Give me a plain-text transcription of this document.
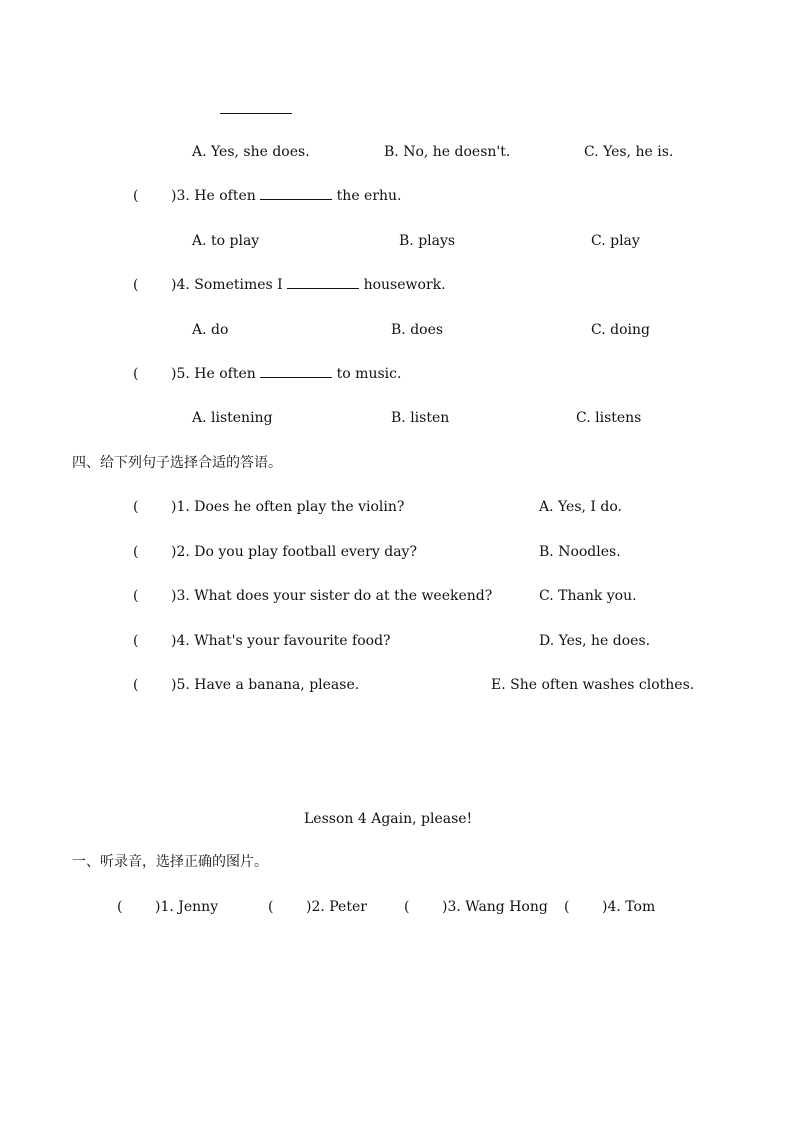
A. Yes, she does.	B. No, he doesn't.	C. Yes, he is.
( )3. He often	the erhu.
A. to play	B. plays	C. play
( )4. Sometimes I	housework.
A. do	B. does	C. doing
( )5. He often	to music.
A. listening	B. listen	C. listens
四、给下列句子选择合适的答语。
( )1. Does he often play the violin?	A. Yes, I do.
( )2. Do you play football every day?	B. Noodles.
( )3. What does your sister do at the weekend?	C. Thank you.
( )4. What's your favourite food?	D. Yes, he does.
( )5. Have a banana, please.	E. She often washes clothes.
Lesson 4 Again, please!
一、听录音，选择正确的图片。
( )1. Jenny	( )2. Peter	( )3. Wang Hong ( )4. Tom
